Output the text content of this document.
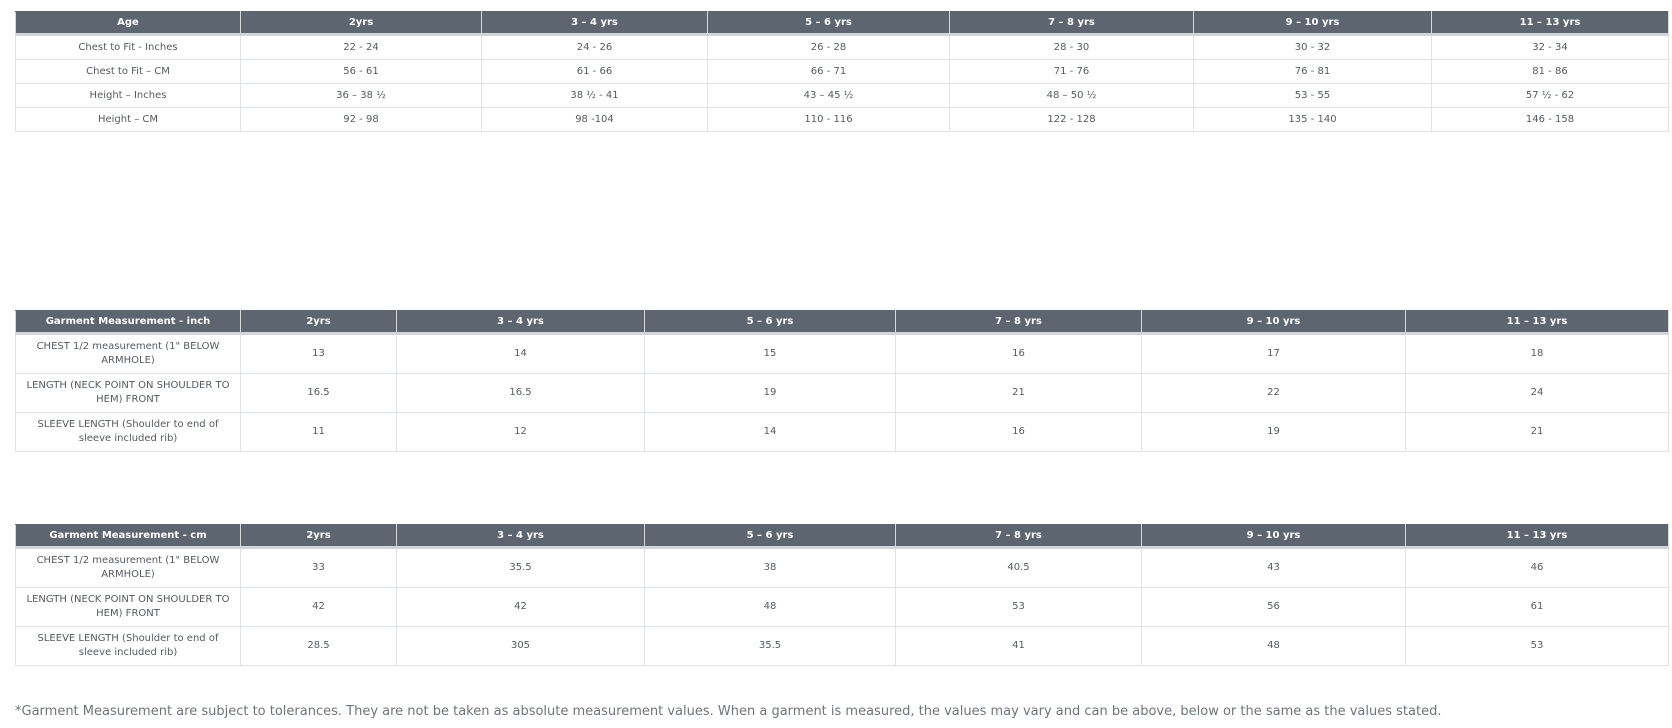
Age	2yrs	3 – 4 yrs	5 – 6 yrs	7 – 8 yrs	9 – 10 yrs	11 – 13 yrs
Chest to Fit - Inches	22 - 24	24 - 26	26 - 28	28 - 30	30 - 32	32 - 34
Chest to Fit – CM	56 - 61	61 - 66	66 - 71	71 - 76	76 - 81	81 - 86
Height – Inches	36 – 38 ½	38 ½ - 41	43 – 45 ½	48 – 50 ½	53 - 55	57 ½ - 62
Height – CM	92 - 98	98 -104	110 - 116	122 - 128	135 - 140	146 - 158
Garment Measurement - inch	2yrs	3 – 4 yrs	5 – 6 yrs	7 – 8 yrs	9 – 10 yrs	11 – 13 yrs
CHEST 1/2 measurement (1" BELOW ARMHOLE)	13	14	15	16	17	18
LENGTH (NECK POINT ON SHOULDER TO HEM) FRONT	16.5	16.5	19	21	22	24
SLEEVE LENGTH (Shoulder to end of sleeve included rib)	11	12	14	16	19	21
Garment Measurement - cm	2yrs	3 – 4 yrs	5 – 6 yrs	7 – 8 yrs	9 – 10 yrs	11 – 13 yrs
CHEST 1/2 measurement (1" BELOW ARMHOLE)	33	35.5	38	40.5	43	46
LENGTH (NECK POINT ON SHOULDER TO HEM) FRONT	42	42	48	53	56	61
SLEEVE LENGTH (Shoulder to end of sleeve included rib)	28.5	305	35.5	41	48	53
*Garment Measurement are subject to tolerances. They are not be taken as absolute measurement values. When a garment is measured, the values may vary and can be above, below or the same as the values stated.
